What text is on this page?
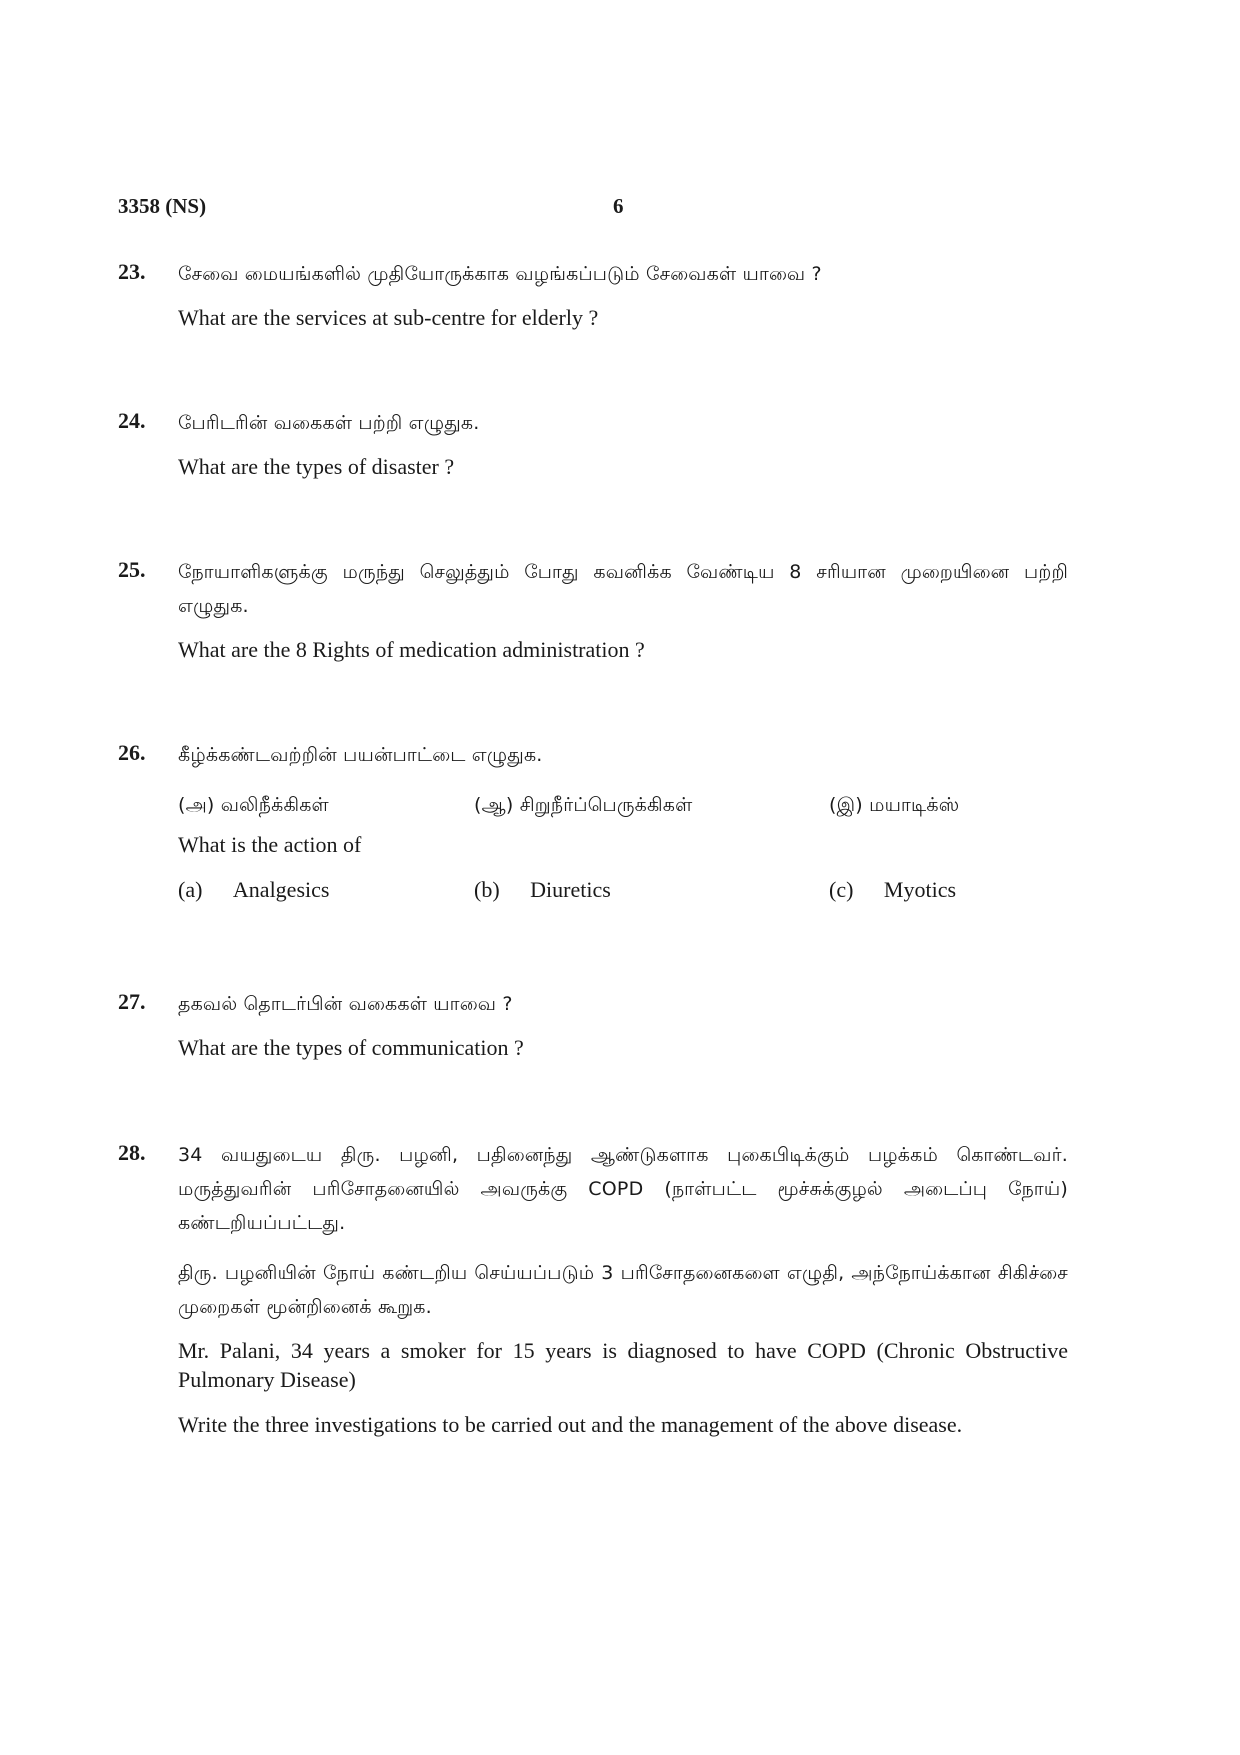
3358 (NS)	6
23. சேவை மையங்களில் முதியோருக்காக வழங்கப்படும் சேவைகள் யாவை ?
What are the services at sub-centre for elderly ?
24. பேரிடரின் வகைகள் பற்றி எழுதுக.
What are the types of disaster ?
25. நோயாளிகளுக்கு மருந்து செலுத்தும் போது கவனிக்க வேண்டிய 8 சரியான முறையினை பற்றி எழுதுக.
What are the 8 Rights of medication administration ?
26. கீழ்க்கண்டவற்றின் பயன்பாட்டை எழுதுக.
(அ) வலிநீக்கிகள்	(ஆ) சிறுநீர்ப்பெருக்கிகள்	(இ) மயாடிக்ஸ்
What is the action of
(a) Analgesics	(b) Diuretics	(c) Myotics
27. தகவல் தொடர்பின் வகைகள் யாவை ?
What are the types of communication ?
28. 34 வயதுடைய திரு. பழனி, பதினைந்து ஆண்டுகளாக புகைபிடிக்கும் பழக்கம் கொண்டவர். மருத்துவரின் பரிசோதனையில் அவருக்கு COPD (நாள்பட்ட மூச்சுக்குழல் அடைப்பு நோய்) கண்டறியப்பட்டது.
திரு. பழனியின் நோய் கண்டறிய செய்யப்படும் 3 பரிசோதனைகளை எழுதி, அந்நோய்க்கான சிகிச்சை முறைகள் மூன்றினைக் கூறுக.
Mr. Palani, 34 years a smoker for 15 years is diagnosed to have COPD (Chronic Obstructive Pulmonary Disease)
Write the three investigations to be carried out and the management of the above disease.
